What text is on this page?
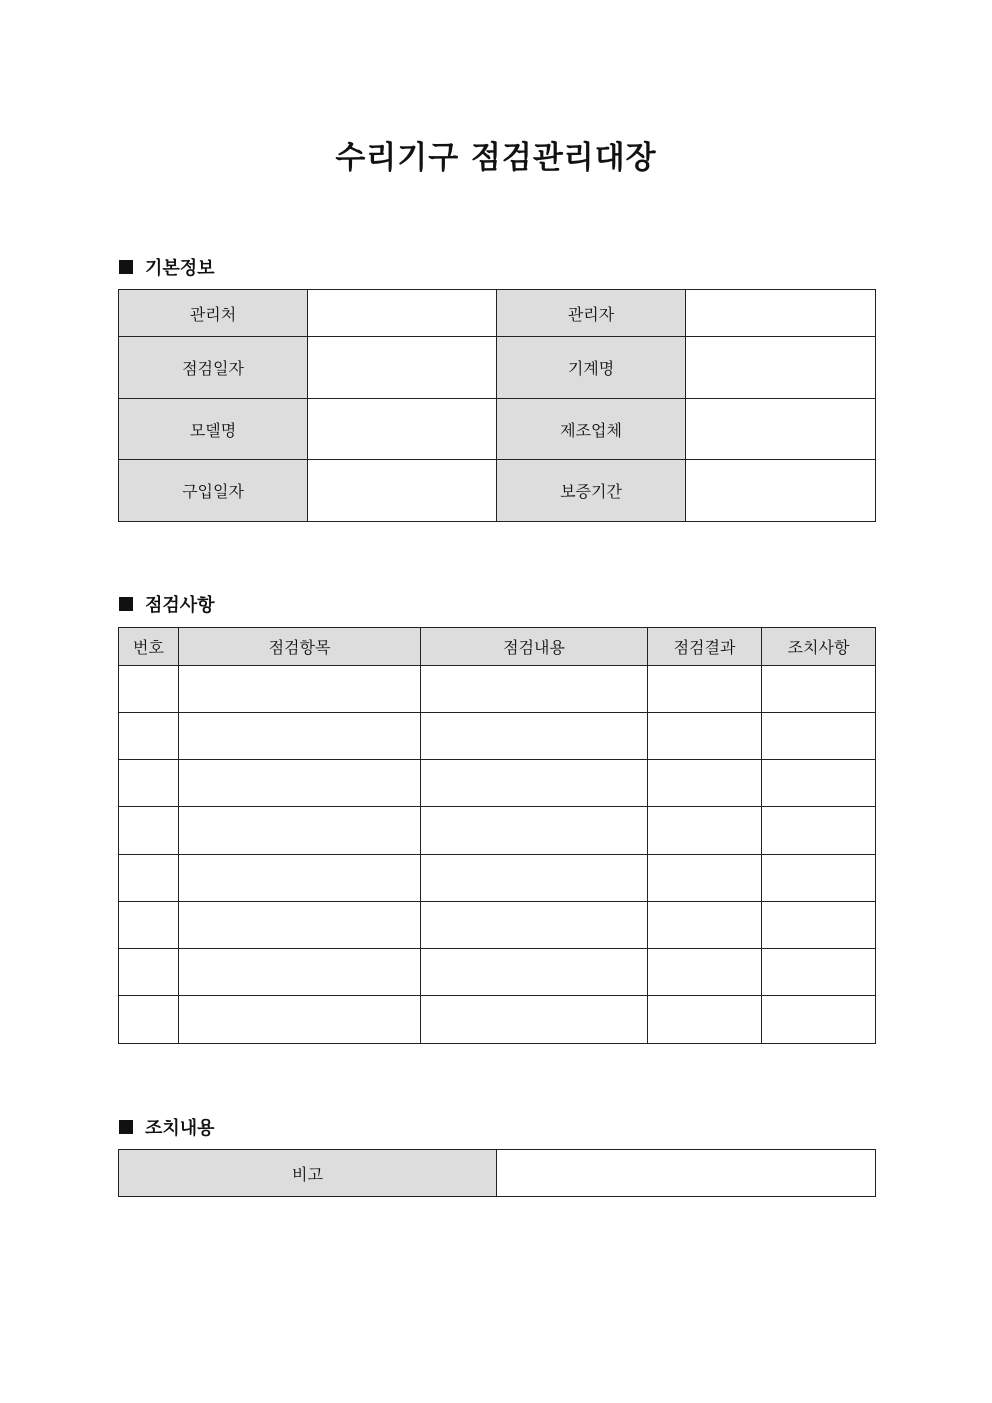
수리기구 점검관리대장
기본정보
관리처		관리자	
점검일자		기계명	
모델명		제조업체	
구입일자		보증기간	
점검사항
번호	점검항목	점검내용	점검결과	조치사항

조치내용
비고	
